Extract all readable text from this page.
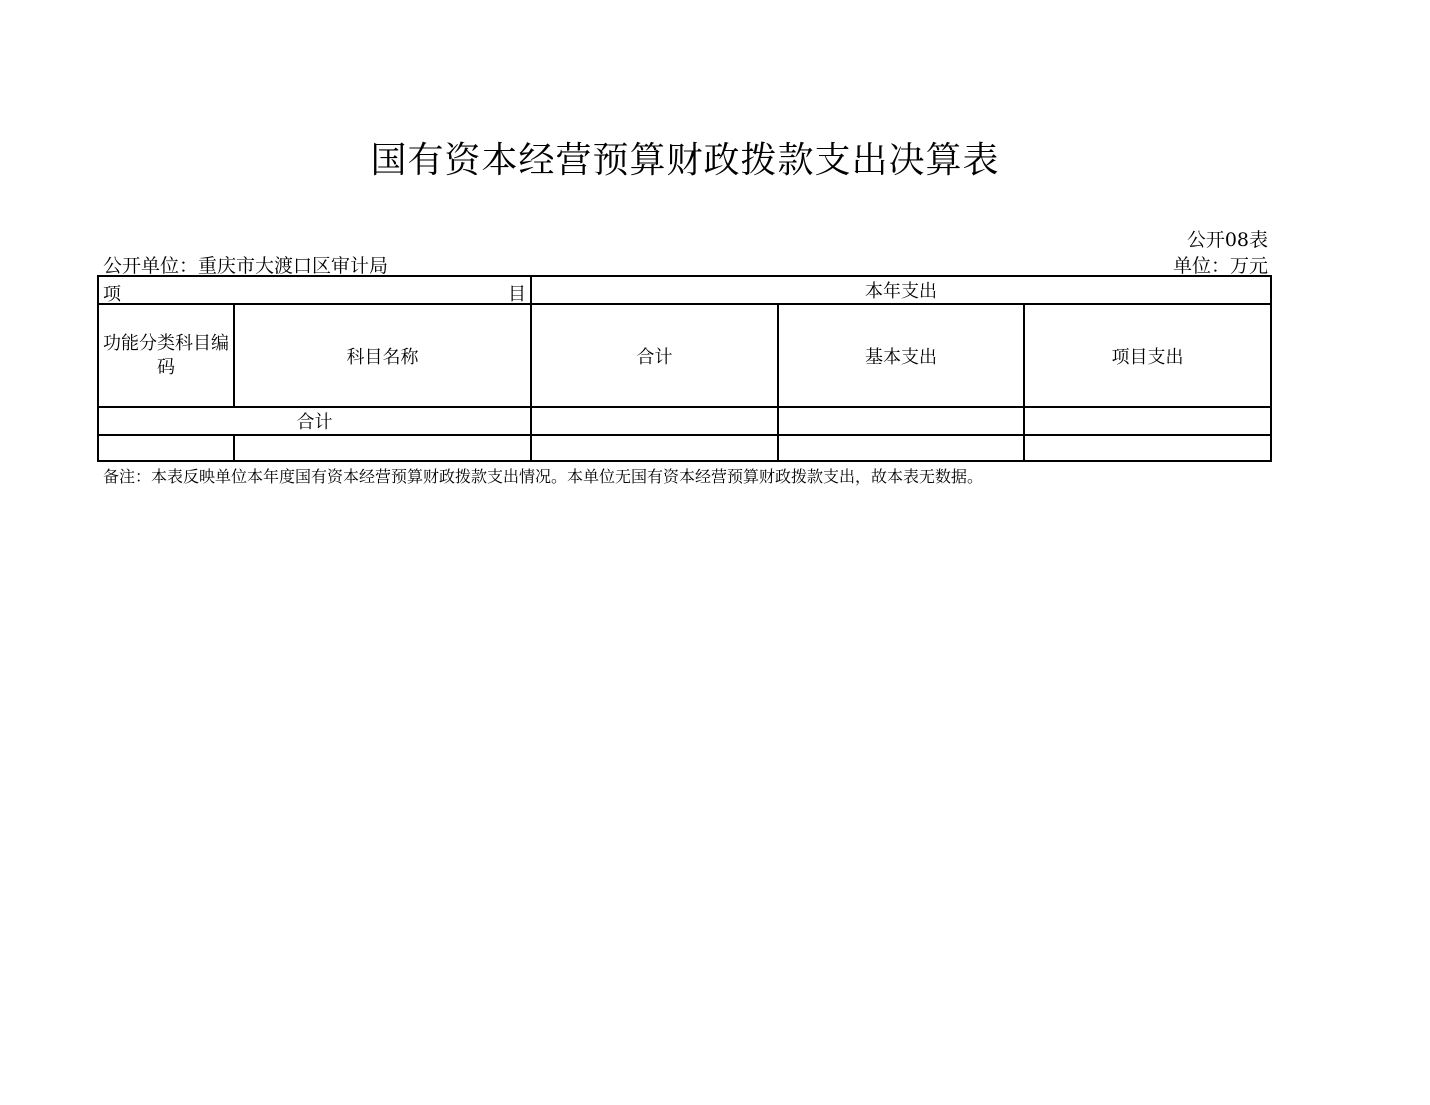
国有资本经营预算财政拨款支出决算表
公开08表
公开单位：重庆市大渡口区审计局	单位：万元
项 目		本年支出		
功能分类科目编码	科目名称	合计	基本支出	项目支出
合计				

备注：本表反映单位本年度国有资本经营预算财政拨款支出情况。本单位无国有资本经营预算财政拨款支出，故本表无数据。
